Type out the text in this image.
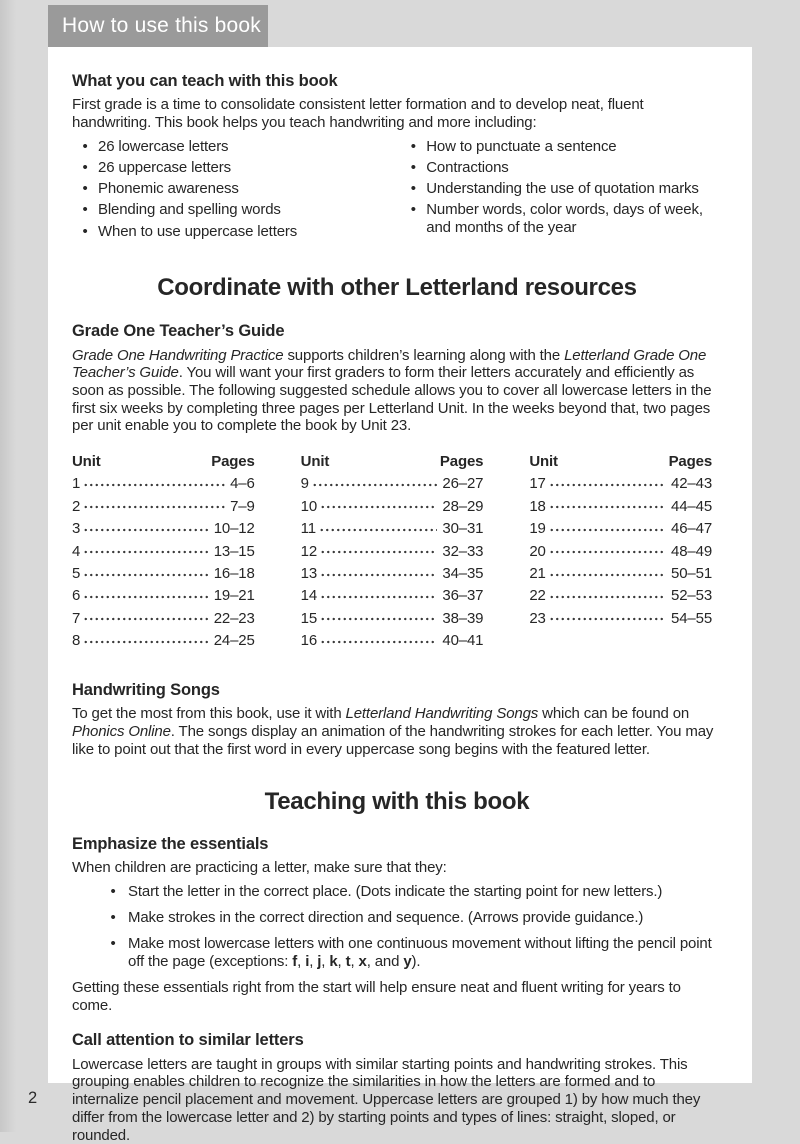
How to use this book
What you can teach with this book

First grade is a time to consolidate consistent letter formation and to develop neat, fluent handwriting. This book helps you teach handwriting and more including:

• 26 lowercase letters
• 26 uppercase letters
• Phonemic awareness
• Blending and spelling words
• When to use uppercase letters
• How to punctuate a sentence
• Contractions
• Understanding the use of quotation marks
• Number words, color words, days of week, and months of the year
Coordinate with other Letterland resources
Grade One Teacher’s Guide

Grade One Handwriting Practice supports children’s learning along with the Letterland Grade One Teacher’s Guide. You will want your first graders to form their letters accurately and efficiently as soon as possible. The following suggested schedule allows you to cover all lowercase letters in the first six weeks by completing three pages per Letterland Unit. In the weeks beyond that, two pages per unit enable you to complete the book by Unit 23.

Unit	Pages
1	4–6
2	7–9
3	10–12
4	13–15
5	16–18
6	19–21
7	22–23
8	24–25
Unit	Pages
9	26–27
10	28–29
11	30–31
12	32–33
13	34–35
14	36–37
15	38–39
16	40–41
Unit	Pages
17	42–43
18	44–45
19	46–47
20	48–49
21	50–51
22	52–53
23	54–55
Handwriting Songs

To get the most from this book, use it with Letterland Handwriting Songs which can be found on Phonics Online. The songs display an animation of the handwriting strokes for each letter. You may like to point out that the first word in every uppercase song begins with the featured letter.

Teaching with this book
Emphasize the essentials

When children are practicing a letter, make sure that they:

• Start the letter in the correct place. (Dots indicate the starting point for new letters.)
• Make strokes in the correct direction and sequence. (Arrows provide guidance.)
• Make most lowercase letters with one continuous movement without lifting the pencil point off the page (exceptions: f, i, j, k, t, x, and y).

Getting these essentials right from the start will help ensure neat and fluent writing for years to come.

Call attention to similar letters

Lowercase letters are taught in groups with similar starting points and handwriting strokes. This grouping enables children to recognize the similarities in how the letters are formed and to internalize pencil placement and movement. Uppercase letters are grouped 1) by how much they differ from the lowercase letter and 2) by starting points and types of lines: straight, sloped, or rounded.

2
